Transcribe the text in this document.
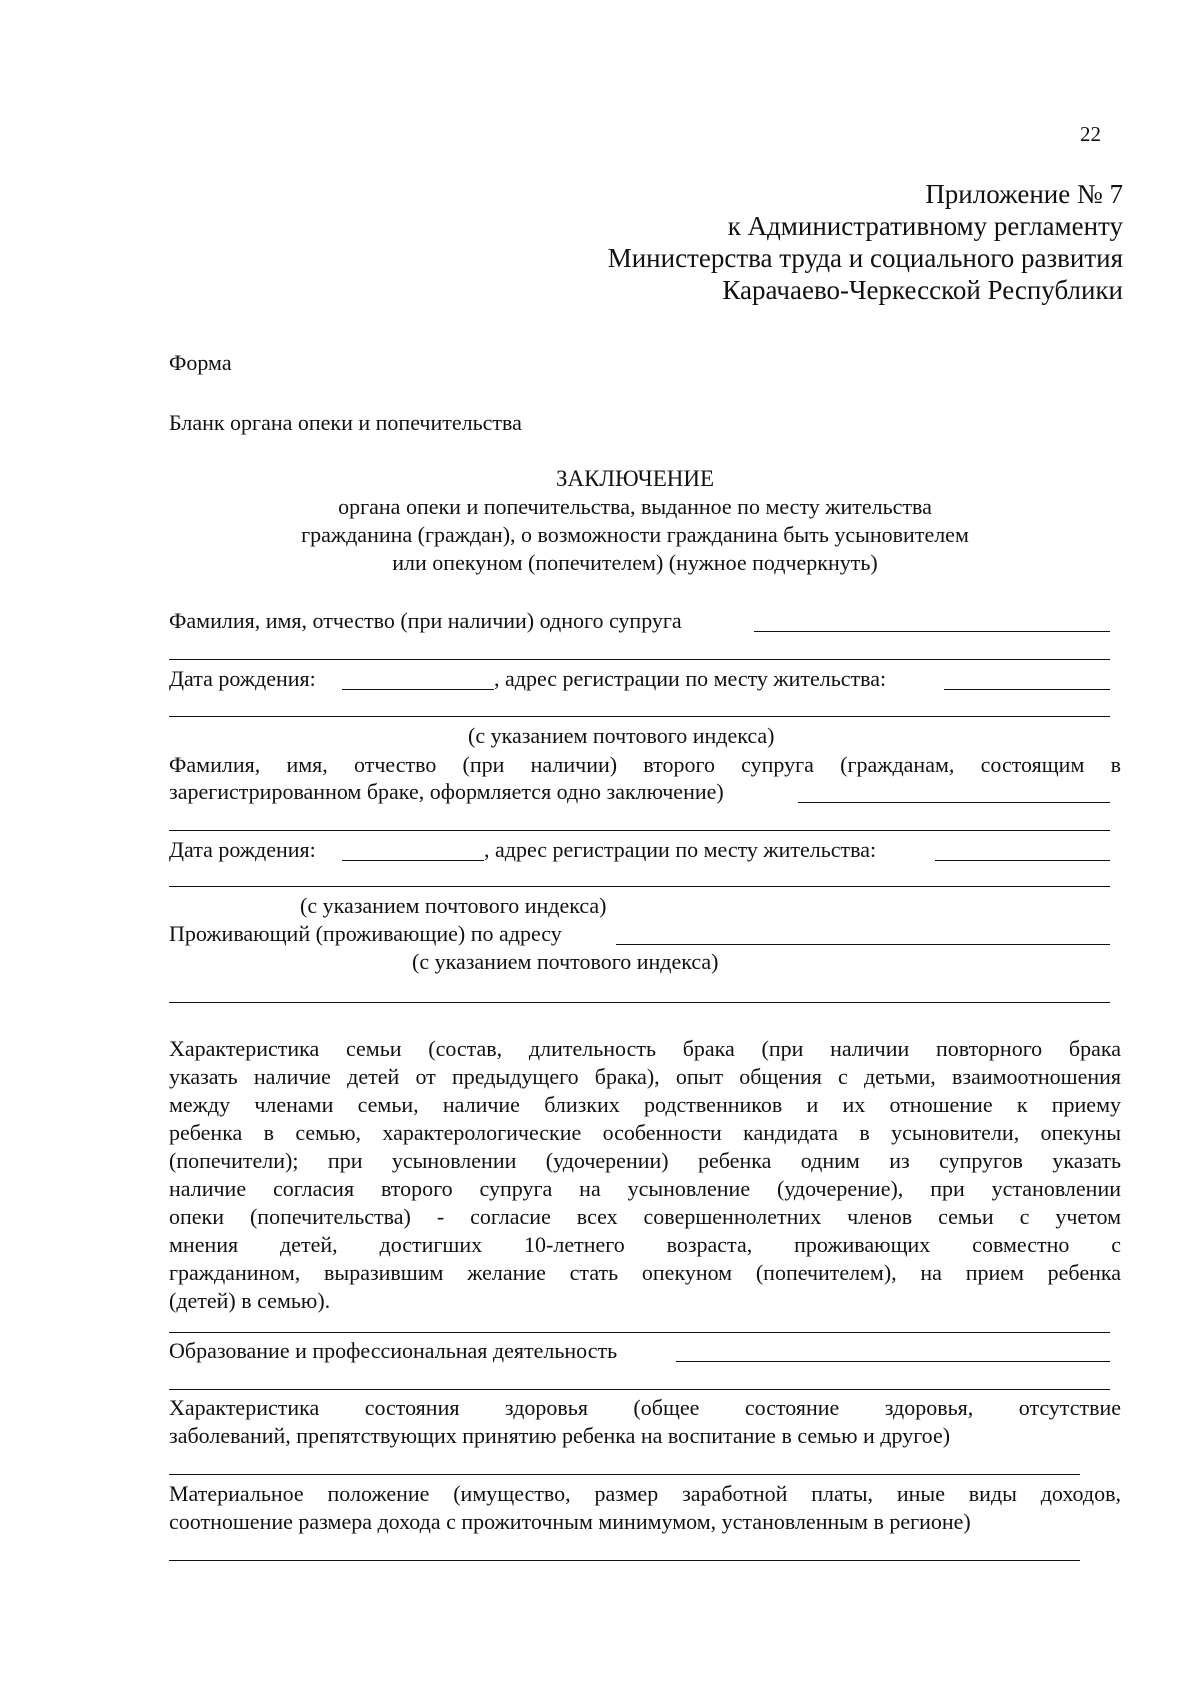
22
Приложение № 7
к Административному регламенту
Министерства труда и социального развития
Карачаево-Черкесской Республики
Форма
Бланк органа опеки и попечительства
ЗАКЛЮЧЕНИЕ
органа опеки и попечительства, выданное по месту жительства
гражданина (граждан), о возможности гражданина быть усыновителем
или опекуном (попечителем) (нужное подчеркнуть)
Фамилия, имя, отчество (при наличии) одного супруга
Дата рождения:	, адрес регистрации по месту жительства:
(с указанием почтового индекса)
Фамилия, имя, отчество (при наличии) второго супруга (гражданам, состоящим в
зарегистрированном браке, оформляется одно заключение)
Дата рождения:	, адрес регистрации по месту жительства:
(с указанием почтового индекса)
Проживающий (проживающие) по адресу
(с указанием почтового индекса)
Характеристика семьи (состав, длительность брака (при наличии повторного брака
указать наличие детей от предыдущего брака), опыт общения с детьми, взаимоотношения
между членами семьи, наличие близких родственников и их отношение к приему
ребенка в семью, характерологические особенности кандидата в усыновители, опекуны
(попечители); при усыновлении (удочерении) ребенка одним из супругов указать
наличие согласия второго супруга на усыновление (удочерение), при установлении
опеки (попечительства) - согласие всех совершеннолетних членов семьи с учетом
мнения детей, достигших 10-летнего возраста, проживающих совместно с
гражданином, выразившим желание стать опекуном (попечителем), на прием ребенка
(детей) в семью).
Образование и профессиональная деятельность
Характеристика состояния здоровья (общее состояние здоровья, отсутствие
заболеваний, препятствующих принятию ребенка на воспитание в семью и другое)
Материальное положение (имущество, размер заработной платы, иные виды доходов,
соотношение размера дохода с прожиточным минимумом, установленным в регионе)
